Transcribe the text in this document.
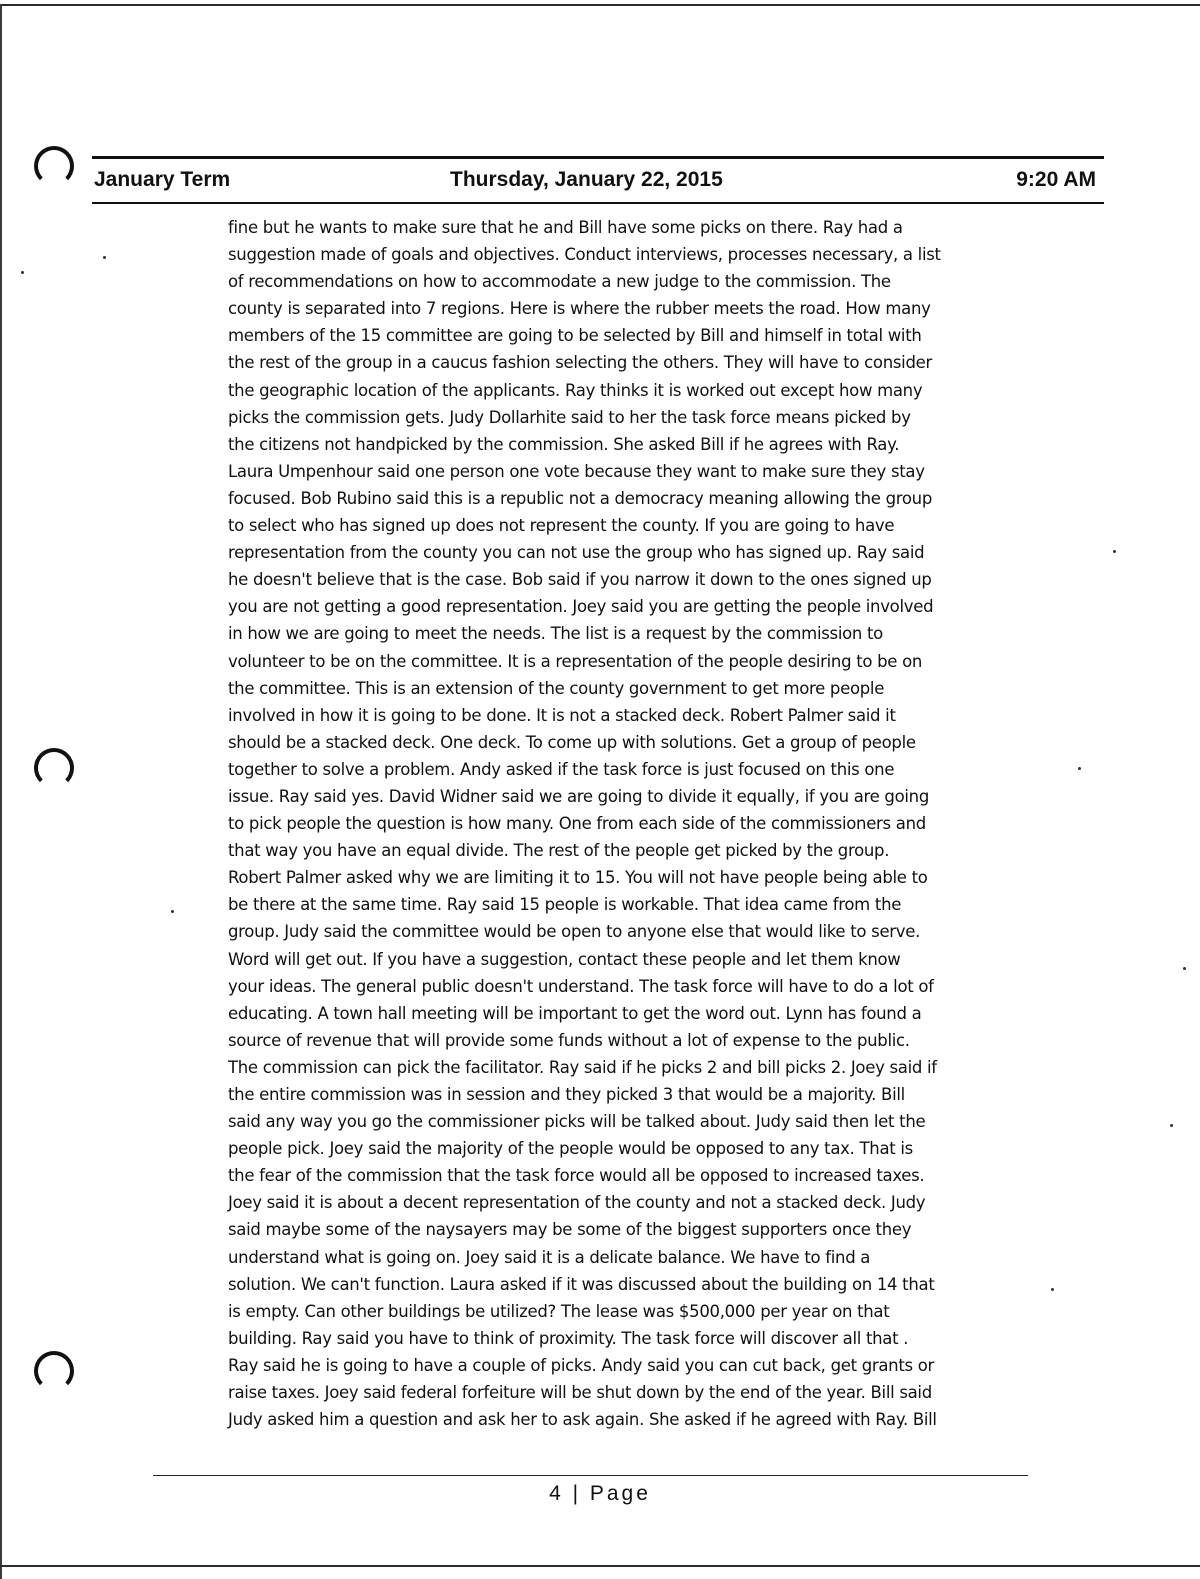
January Term	Thursday, January 22, 2015	9:20 AM
fine but he wants to make sure that he and Bill have some picks on there. Ray had a
suggestion made of goals and objectives. Conduct interviews, processes necessary, a list
of recommendations on how to accommodate a new judge to the commission. The
county is separated into 7 regions. Here is where the rubber meets the road. How many
members of the 15 committee are going to be selected by Bill and himself in total with
the rest of the group in a caucus fashion selecting the others. They will have to consider
the geographic location of the applicants. Ray thinks it is worked out except how many
picks the commission gets. Judy Dollarhite said to her the task force means picked by
the citizens not handpicked by the commission. She asked Bill if he agrees with Ray.
Laura Umpenhour said one person one vote because they want to make sure they stay
focused. Bob Rubino said this is a republic not a democracy meaning allowing the group
to select who has signed up does not represent the county. If you are going to have
representation from the county you can not use the group who has signed up. Ray said
he doesn't believe that is the case. Bob said if you narrow it down to the ones signed up
you are not getting a good representation. Joey said you are getting the people involved
in how we are going to meet the needs. The list is a request by the commission to
volunteer to be on the committee. It is a representation of the people desiring to be on
the committee. This is an extension of the county government to get more people
involved in how it is going to be done. It is not a stacked deck. Robert Palmer said it
should be a stacked deck. One deck. To come up with solutions. Get a group of people
together to solve a problem. Andy asked if the task force is just focused on this one
issue. Ray said yes. David Widner said we are going to divide it equally, if you are going
to pick people the question is how many. One from each side of the commissioners and
that way you have an equal divide. The rest of the people get picked by the group.
Robert Palmer asked why we are limiting it to 15. You will not have people being able to
be there at the same time. Ray said 15 people is workable. That idea came from the
group. Judy said the committee would be open to anyone else that would like to serve.
Word will get out. If you have a suggestion, contact these people and let them know
your ideas. The general public doesn't understand. The task force will have to do a lot of
educating. A town hall meeting will be important to get the word out. Lynn has found a
source of revenue that will provide some funds without a lot of expense to the public.
The commission can pick the facilitator. Ray said if he picks 2 and bill picks 2. Joey said if
the entire commission was in session and they picked 3 that would be a majority. Bill
said any way you go the commissioner picks will be talked about. Judy said then let the
people pick. Joey said the majority of the people would be opposed to any tax. That is
the fear of the commission that the task force would all be opposed to increased taxes.
Joey said it is about a decent representation of the county and not a stacked deck. Judy
said maybe some of the naysayers may be some of the biggest supporters once they
understand what is going on. Joey said it is a delicate balance. We have to find a
solution. We can't function. Laura asked if it was discussed about the building on 14 that
is empty. Can other buildings be utilized? The lease was $500,000 per year on that
building. Ray said you have to think of proximity. The task force will discover all that .
Ray said he is going to have a couple of picks. Andy said you can cut back, get grants or
raise taxes. Joey said federal forfeiture will be shut down by the end of the year. Bill said
Judy asked him a question and ask her to ask again. She asked if he agreed with Ray. Bill
4 | Page
